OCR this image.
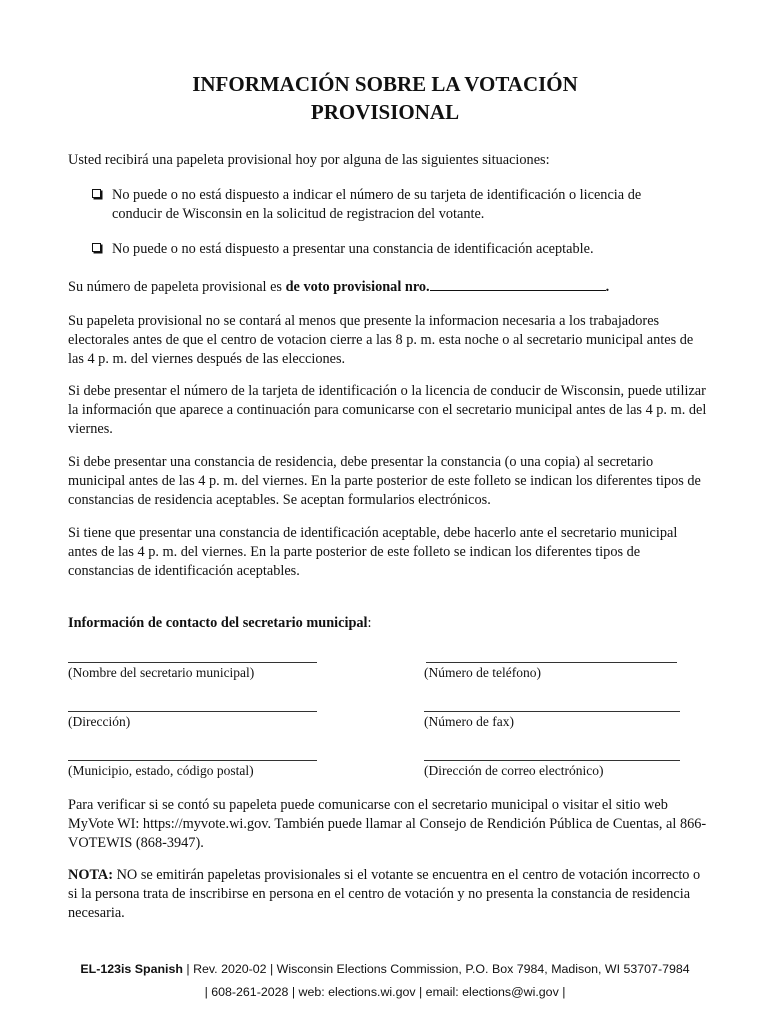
INFORMACIÓN SOBRE LA VOTACIÓN
PROVISIONAL
Usted recibirá una papeleta provisional hoy por alguna de las siguientes situaciones:
No puede o no está dispuesto a indicar el número de su tarjeta de identificación o licencia de conducir de Wisconsin en la solicitud de registracion del votante.
No puede o no está dispuesto a presentar una constancia de identificación aceptable.
Su número de papeleta provisional es de voto provisional nro.	.
Su papeleta provisional no se contará al menos que presente la informacion necesaria a los trabajadores electorales antes de que el centro de votacion cierre a las 8 p. m. esta noche o al secretario municipal antes de las 4 p. m. del viernes después de las elecciones.
Si debe presentar el número de la tarjeta de identificación o la licencia de conducir de Wisconsin, puede utilizar la información que aparece a continuación para comunicarse con el secretario municipal antes de las 4 p. m. del viernes.
Si debe presentar una constancia de residencia, debe presentar la constancia (o una copia) al secretario municipal antes de las 4 p. m. del viernes. En la parte posterior de este folleto se indican los diferentes tipos de constancias de residencia aceptables. Se aceptan formularios electrónicos.
Si tiene que presentar una constancia de identificación aceptable, debe hacerlo ante el secretario municipal antes de las 4 p. m. del viernes. En la parte posterior de este folleto se indican los diferentes tipos de constancias de identificación aceptables.
Información de contacto del secretario municipal:
(Nombre del secretario municipal)	(Número de teléfono)
(Dirección)	(Número de fax)
(Municipio, estado, código postal)	(Dirección de correo electrónico)
Para verificar si se contó su papeleta puede comunicarse con el secretario municipal o visitar el sitio web MyVote WI: https://myvote.wi.gov. También puede llamar al Consejo de Rendición Pública de Cuentas, al 866-VOTEWIS (868-3947).
NOTA: NO se emitirán papeletas provisionales si el votante se encuentra en el centro de votación incorrecto o si la persona trata de inscribirse en persona en el centro de votación y no presenta la constancia de residencia necesaria.
EL-123is Spanish | Rev. 2020-02 | Wisconsin Elections Commission, P.O. Box 7984, Madison, WI 53707-7984
| 608-261-2028 | web: elections.wi.gov | email: elections@wi.gov |
